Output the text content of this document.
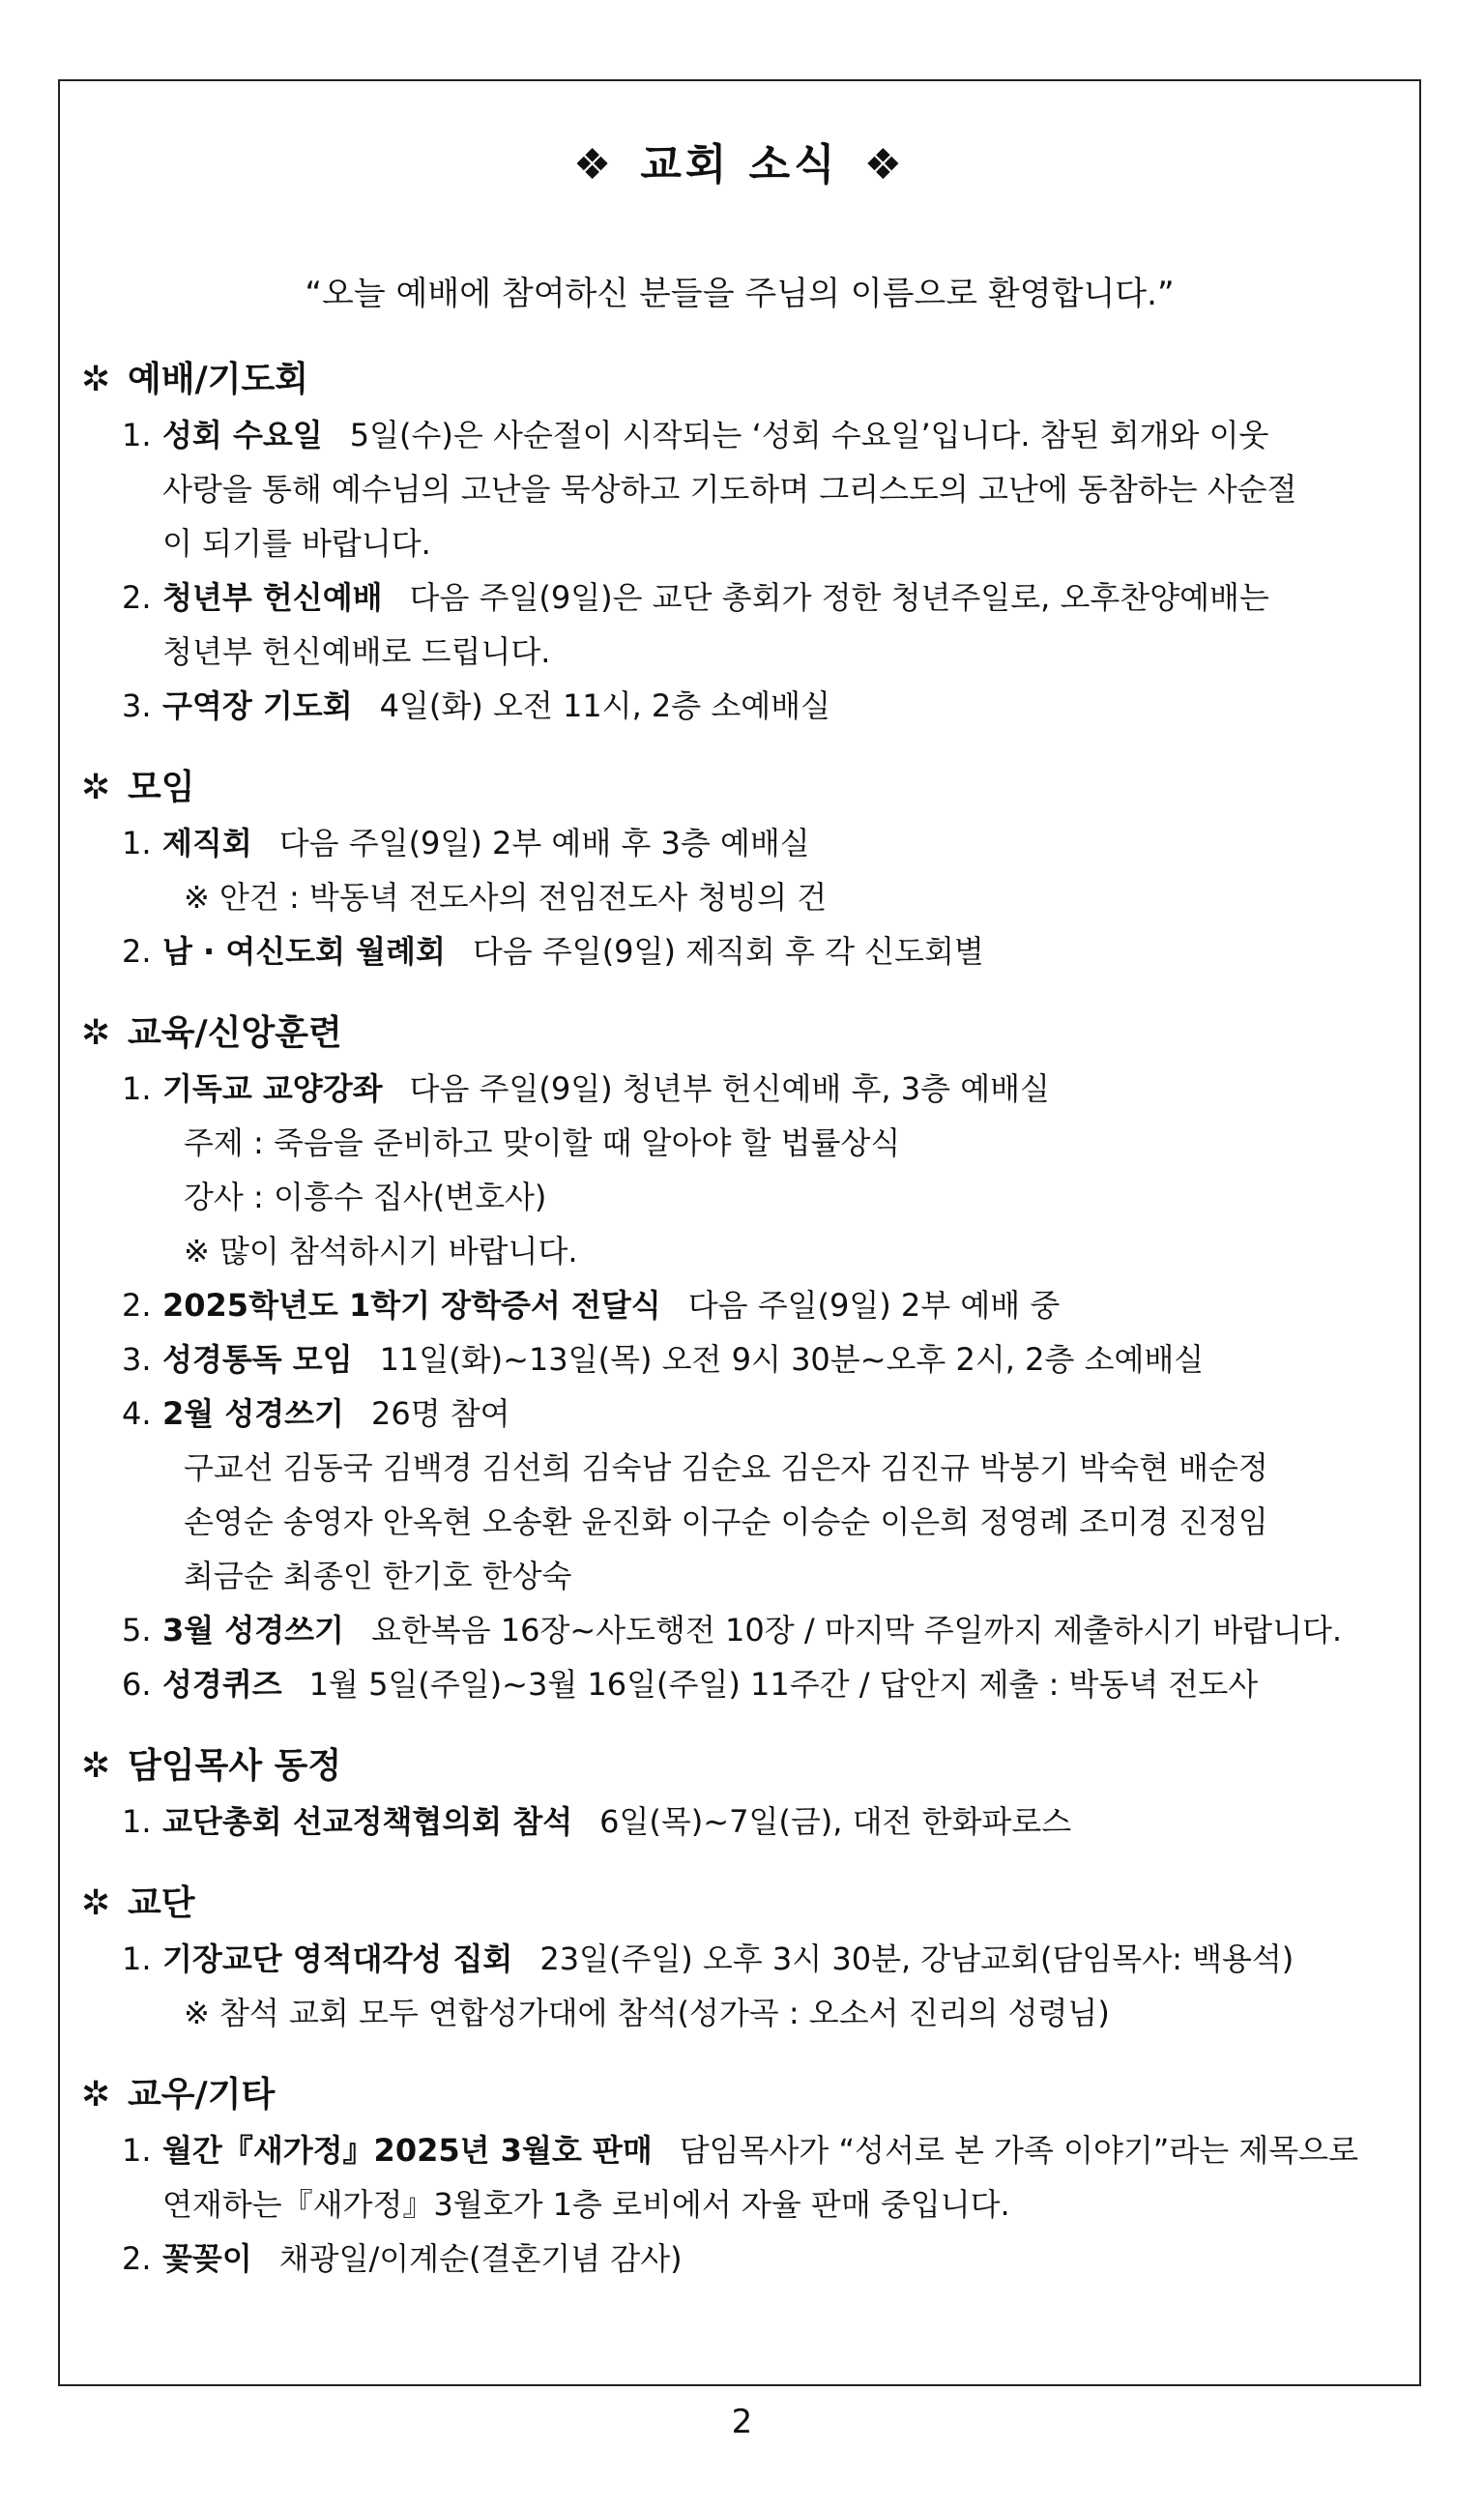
❖ 교회 소식 ❖
“오늘 예배에 참여하신 분들을 주님의 이름으로 환영합니다.”
✲ 예배/기도회
1. 성회 수요일 5일(수)은 사순절이 시작되는 ‘성회 수요일’입니다. 참된 회개와 이웃
사랑을 통해 예수님의 고난을 묵상하고 기도하며 그리스도의 고난에 동참하는 사순절
이 되기를 바랍니다.
2. 청년부 헌신예배 다음 주일(9일)은 교단 총회가 정한 청년주일로, 오후찬양예배는
청년부 헌신예배로 드립니다.
3. 구역장 기도회 4일(화) 오전 11시, 2층 소예배실
✲ 모임
1. 제직회 다음 주일(9일) 2부 예배 후 3층 예배실
※ 안건 : 박동녁 전도사의 전임전도사 청빙의 건
2. 남 · 여신도회 월례회 다음 주일(9일) 제직회 후 각 신도회별
✲ 교육/신앙훈련
1. 기독교 교양강좌 다음 주일(9일) 청년부 헌신예배 후, 3층 예배실
주제 : 죽음을 준비하고 맞이할 때 알아야 할 법률상식
강사 : 이흥수 집사(변호사)
※ 많이 참석하시기 바랍니다.
2. 2025학년도 1학기 장학증서 전달식 다음 주일(9일) 2부 예배 중
3. 성경통독 모임 11일(화)~13일(목) 오전 9시 30분~오후 2시, 2층 소예배실
4. 2월 성경쓰기 26명 참여
구교선 김동국 김백경 김선희 김숙남 김순요 김은자 김진규 박봉기 박숙현 배순정
손영순 송영자 안옥현 오송환 윤진화 이구순 이승순 이은희 정영례 조미경 진정임
최금순 최종인 한기호 한상숙
5. 3월 성경쓰기 요한복음 16장~사도행전 10장 / 마지막 주일까지 제출하시기 바랍니다.
6. 성경퀴즈 1월 5일(주일)~3월 16일(주일) 11주간 / 답안지 제출 : 박동녁 전도사
✲ 담임목사 동정
1. 교단총회 선교정책협의회 참석 6일(목)~7일(금), 대전 한화파로스
✲ 교단
1. 기장교단 영적대각성 집회 23일(주일) 오후 3시 30분, 강남교회(담임목사: 백용석)
※ 참석 교회 모두 연합성가대에 참석(성가곡 : 오소서 진리의 성령님)
✲ 교우/기타
1. 월간『새가정』2025년 3월호 판매 담임목사가 “성서로 본 가족 이야기”라는 제목으로
연재하는『새가정』3월호가 1층 로비에서 자율 판매 중입니다.
2. 꽃꽂이 채광일/이계순(결혼기념 감사)
2
